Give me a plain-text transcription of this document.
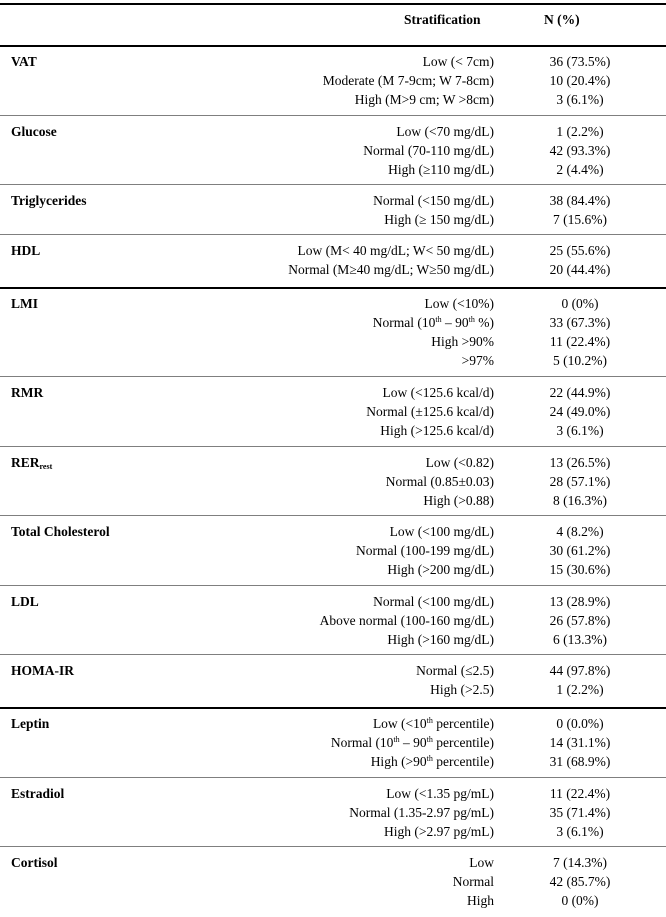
Stratification	N (%)
VAT	Low (< 7cm)	36 (73.5%)
Moderate (M 7-9cm; W 7-8cm)	10 (20.4%)
High (M>9 cm; W >8cm)	3 (6.1%)
Glucose	Low (<70 mg/dL)	1 (2.2%)
Normal (70-110 mg/dL)	42 (93.3%)
High (≥110 mg/dL)	2 (4.4%)
Triglycerides	Normal (<150 mg/dL)	38 (84.4%)
High (≥ 150 mg/dL)	7 (15.6%)
HDL	Low (M< 40 mg/dL; W< 50 mg/dL)	25 (55.6%)
Normal (M≥40 mg/dL; W≥50 mg/dL)	20 (44.4%)
LMI	Low (<10%)	0 (0%)
Normal (10th – 90th %)	33 (67.3%)
High >90%	11 (22.4%)
>97%	5 (10.2%)
RMR	Low (<125.6 kcal/d)	22 (44.9%)
Normal (±125.6 kcal/d)	24 (49.0%)
High (>125.6 kcal/d)	3 (6.1%)
$RER_{rest}$	Low (<0.82)	13 (26.5%)
Normal (0.85±0.03)	28 (57.1%)
High (>0.88)	8 (16.3%)
Total Cholesterol	Low (<100 mg/dL)	4 (8.2%)
Normal (100-199 mg/dL)	30 (61.2%)
High (>200 mg/dL)	15 (30.6%)
LDL	Normal (<100 mg/dL)	13 (28.9%)
Above normal (100-160 mg/dL)	26 (57.8%)
High (>160 mg/dL)	6 (13.3%)
HOMA-IR	Normal (≤2.5)	44 (97.8%)
High (>2.5)	1 (2.2%)
Leptin	Low (<10th percentile)	0 (0.0%)
Normal (10th – 90th percentile)	14 (31.1%)
High (>90th percentile)	31 (68.9%)
Estradiol	Low (<1.35 pg/mL)	11 (22.4%)
Normal (1.35-2.97 pg/mL)	35 (71.4%)
High (>2.97 pg/mL)	3 (6.1%)
Cortisol	Low	7 (14.3%)
Normal	42 (85.7%)
High	0 (0%)
